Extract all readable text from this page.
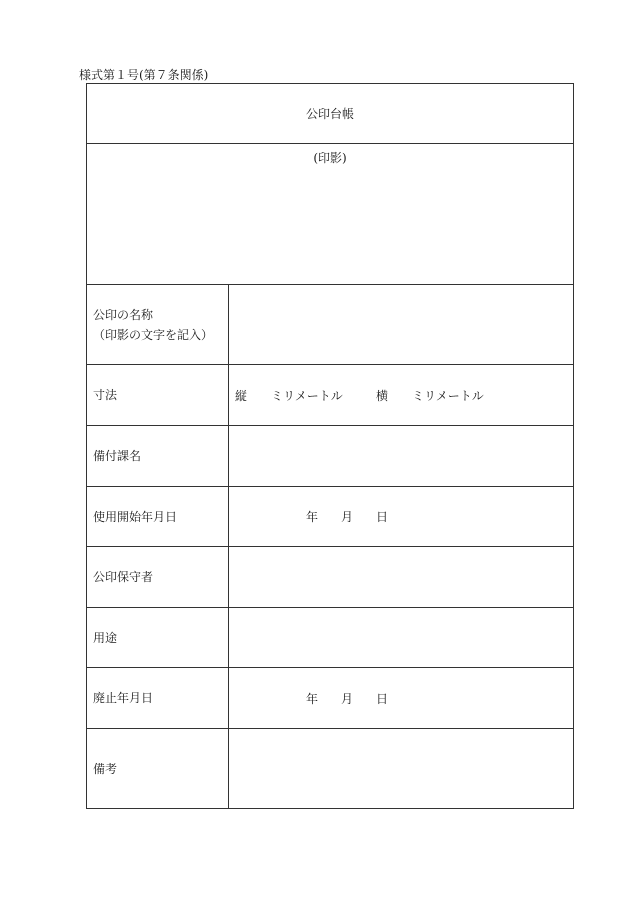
様式第１号(第７条関係)
公印台帳
(印影)
公印の名称
（印影の文字を記入）
寸法	縦 ミリメートル	横 ミリメートル
備付課名
使用開始年月日	年 月 日
公印保守者
用途
廃止年月日	年 月 日
備考
